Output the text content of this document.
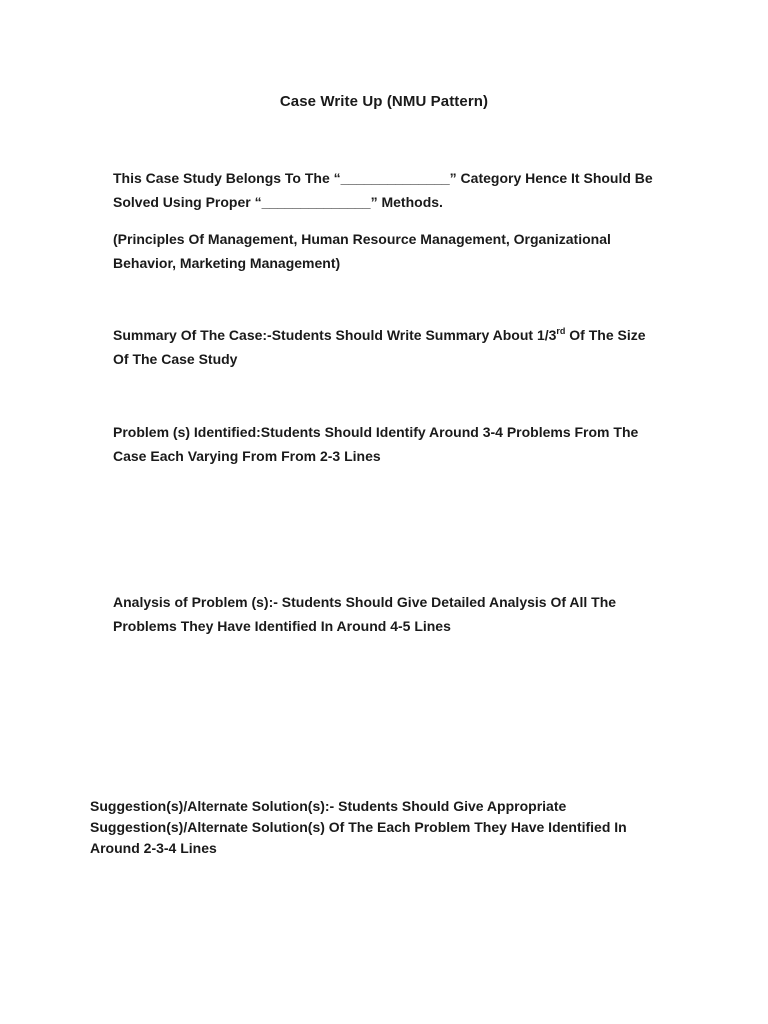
Case Write Up (NMU Pattern)

This Case Study Belongs To The “______________” Category Hence It Should Be
Solved Using Proper “______________” Methods.

(Principles Of Management, Human Resource Management, Organizational
Behavior, Marketing Management)

Summary Of The Case:-Students Should Write Summary About 1/3rd Of The Size
Of The Case Study

Problem (s) Identified:Students Should Identify Around 3-4 Problems From The
Case Each Varying From From 2-3 Lines

Analysis of Problem (s):- Students Should Give Detailed Analysis Of All The
Problems They Have Identified In Around 4-5 Lines

Suggestion(s)/Alternate Solution(s):- Students Should Give Appropriate
Suggestion(s)/Alternate Solution(s) Of The Each Problem They Have Identified In
Around 2-3-4 Lines
